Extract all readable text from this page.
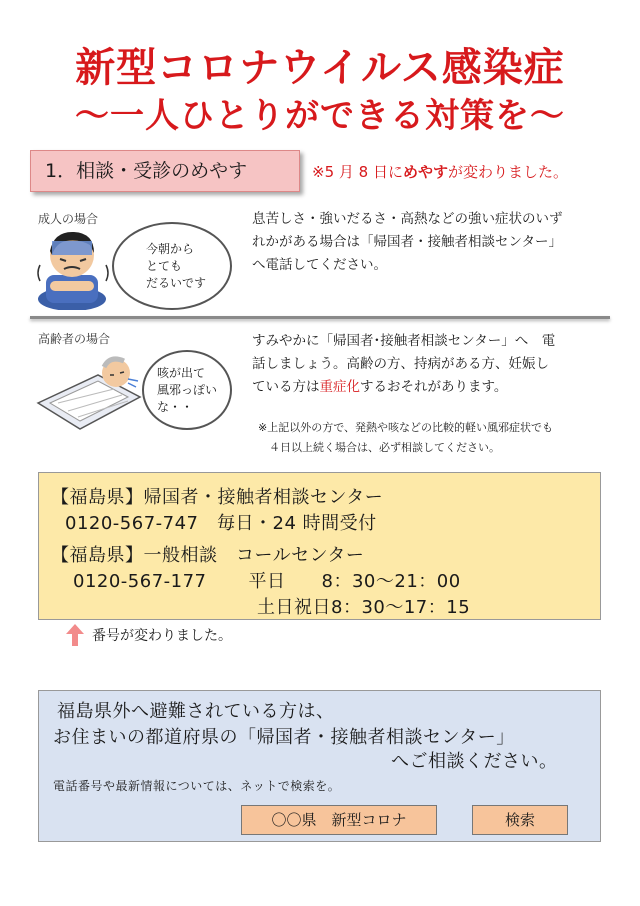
新型コロナウイルス感染症
〜一人ひとりができる対策を〜
1．相談・受診のめやす	※5 月 8 日にめやすが変わりました。
成人の場合
今朝から
とても
だるいです
息苦しさ・強いだるさ・高熱などの強い症状のいず
れかがある場合は「帰国者・接触者相談センター」
へ電話してください。
高齢者の場合
咳が出て
風邪っぽい
な・・
すみやかに「帰国者･接触者相談センター」へ　電
話しましょう。高齢の方、持病がある方、妊娠し
ている方は重症化するおそれがあります。
※上記以外の方で、発熱や咳などの比較的軽い風邪症状でも
　４日以上続く場合は、必ず相談してください。
【福島県】帰国者・接触者相談センター
0120-567-747　毎日・24 時間受付
【福島県】一般相談　コールセンター
0120-567-177 平日 8：30〜21：00
土日祝日8：30〜17：15
番号が変わりました。
福島県外へ避難されている方は、
お住まいの都道府県の「帰国者・接触者相談センター」
へご相談ください。
電話番号や最新情報については、ネットで検索を。
〇〇県　新型コロナ	検索
